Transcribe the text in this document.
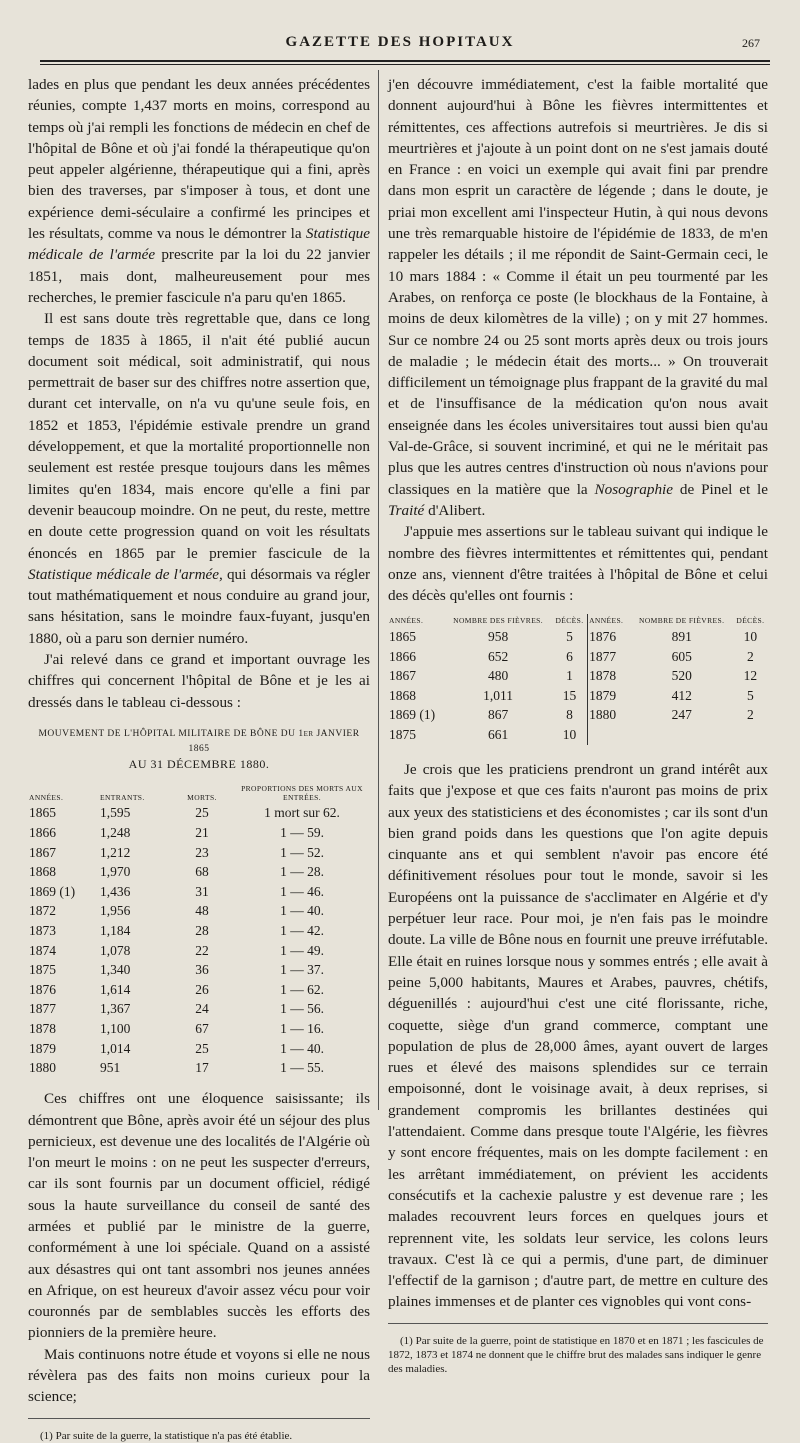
GAZETTE DES HOPITAUX	267

lades en plus que pendant les deux années précédentes réunies, compte 1,437 morts en moins, correspond au temps où j'ai rempli les fonctions de médecin en chef de l'hôpital de Bône et où j'ai fondé la thérapeutique qu'on peut appeler algérienne, thérapeutique qui a fini, après bien des traverses, par s'imposer à tous, et dont une expérience demi-séculaire a confirmé les principes et les résultats, comme va nous le démontrer la Statistique médicale de l'armée prescrite par la loi du 22 janvier 1851, mais dont, malheureusement pour mes recherches, le premier fascicule n'a paru qu'en 1865.

Il est sans doute très regrettable que, dans ce long temps de 1835 à 1865, il n'ait été publié aucun document soit médical, soit administratif, qui nous permettrait de baser sur des chiffres notre assertion que, durant cet intervalle, on n'a vu qu'une seule fois, en 1852 et 1853, l'épidémie estivale prendre un grand développement, et que la mortalité proportionnelle non seulement est restée presque toujours dans les mêmes limites qu'en 1834, mais encore qu'elle a fini par devenir beaucoup moindre. On ne peut, du reste, mettre en doute cette progression quand on voit les résultats énoncés en 1865 par le premier fascicule de la Statistique médicale de l'armée, qui désormais va régler tout mathématiquement et nous conduire au grand jour, sans hésitation, sans le moindre faux-fuyant, jusqu'en 1880, où a paru son dernier numéro.

J'ai relevé dans ce grand et important ouvrage les chiffres qui concernent l'hôpital de Bône et je les ai dressés dans le tableau ci-dessous :

MOUVEMENT DE L'HÔPITAL MILITAIRE DE BÔNE DU 1er JANVIER 1865
AU 31 DÉCEMBRE 1880.
ANNÉES.	ENTRANTS.	MORTS.	PROPORTIONS DES MORTS AUX ENTRÉES.
1865	1,595	25	1 mort sur 62.
1866	1,248	21	1 — 59.
1867	1,212	23	1 — 52.
1868	1,970	68	1 — 28.
1869 (1)	1,436	31	1 — 46.
1872	1,956	48	1 — 40.
1873	1,184	28	1 — 42.
1874	1,078	22	1 — 49.
1875	1,340	36	1 — 37.
1876	1,614	26	1 — 62.
1877	1,367	24	1 — 56.
1878	1,100	67	1 — 16.
1879	1,014	25	1 — 40.
1880	951	17	1 — 55.

Ces chiffres ont une éloquence saisissante; ils démontrent que Bône, après avoir été un séjour des plus pernicieux, est devenue une des localités de l'Algérie où l'on meurt le moins : on ne peut les suspecter d'erreurs, car ils sont fournis par un document officiel, rédigé sous la haute surveillance du conseil de santé des armées et publié par le ministre de la guerre, conformément à une loi spéciale. Quand on a assisté aux désastres qui ont tant assombri nos jeunes années en Afrique, on est heureux d'avoir assez vécu pour voir couronnés par de semblables succès les efforts des pionniers de la première heure.

Mais continuons notre étude et voyons si elle ne nous révèlera pas des faits non moins curieux pour la science;

(1) Par suite de la guerre, la statistique n'a pas été établie.

j'en découvre immédiatement, c'est la faible mortalité que donnent aujourd'hui à Bône les fièvres intermittentes et rémittentes, ces affections autrefois si meurtrières. Je dis si meurtrières et j'ajoute à un point dont on ne s'est jamais douté en France : en voici un exemple qui avait fini par prendre dans mon esprit un caractère de légende ; dans le doute, je priai mon excellent ami l'inspecteur Hutin, à qui nous devons une très remarquable histoire de l'épidémie de 1833, de m'en rappeler les détails ; il me répondit de Saint-Germain ceci, le 10 mars 1884 : « Comme il était un peu tourmenté par les Arabes, on renforça ce poste (le blockhaus de la Fontaine, à moins de deux kilomètres de la ville) ; on y mit 27 hommes. Sur ce nombre 24 ou 25 sont morts après deux ou trois jours de maladie ; le médecin était des morts... » On trouverait difficilement un témoignage plus frappant de la gravité du mal et de l'insuffisance de la médication qu'on nous avait enseignée dans les écoles universitaires tout aussi bien qu'au Val-de-Grâce, si souvent incriminé, et qui ne le méritait pas plus que les autres centres d'instruction où nous n'avions pour classiques en la matière que la Nosographie de Pinel et le Traité d'Alibert.

J'appuie mes assertions sur le tableau suivant qui indique le nombre des fièvres intermittentes et rémittentes qui, pendant onze ans, viennent d'être traitées à l'hôpital de Bône et celui des décès qu'elles ont fournis :

ANNÉES.	NOMBRE DES FIÈVRES.	DÉCÈS.	ANNÉES.	NOMBRE DE FIÈVRES.	DÉCÈS.
1865	958	5	1876	891	10
1866	652	6	1877	605	2
1867	480	1	1878	520	12
1868	1,011	15	1879	412	5
1869 (1)	867	8	1880	247	2
1875	661	10			

Je crois que les praticiens prendront un grand intérêt aux faits que j'expose et que ces faits n'auront pas moins de prix aux yeux des statisticiens et des économistes ; car ils sont d'un bien grand poids dans les questions que l'on agite depuis cinquante ans et qui semblent n'avoir pas encore été définitivement résolues pour tout le monde, savoir si les Européens ont la puissance de s'acclimater en Algérie et d'y perpétuer leur race. Pour moi, je n'en fais pas le moindre doute. La ville de Bône nous en fournit une preuve irréfutable. Elle était en ruines lorsque nous y sommes entrés ; elle avait à peine 5,000 habitants, Maures et Arabes, pauvres, chétifs, déguenillés : aujourd'hui c'est une cité florissante, riche, coquette, siège d'un grand commerce, comptant une population de plus de 28,000 âmes, ayant ouvert de larges rues et élevé des maisons splendides sur ce terrain empoisonné, dont le voisinage avait, à deux reprises, si grandement compromis les brillantes destinées qui l'attendaient. Comme dans presque toute l'Algérie, les fièvres y sont encore fréquentes, mais on les dompte facilement : en les arrêtant immédiatement, on prévient les accidents consécutifs et la cachexie palustre y est devenue rare ; les malades recouvrent leurs forces en quelques jours et reprennent vite, les soldats leur service, les colons leurs travaux. C'est là ce qui a permis, d'une part, de diminuer l'effectif de la garnison ; d'autre part, de mettre en culture des plaines immenses et de planter ces vignobles qui vont cons-

(1) Par suite de la guerre, point de statistique en 1870 et en 1871 ; les fascicules de 1872, 1873 et 1874 ne donnent que le chiffre brut des malades sans indiquer le genre des maladies.
